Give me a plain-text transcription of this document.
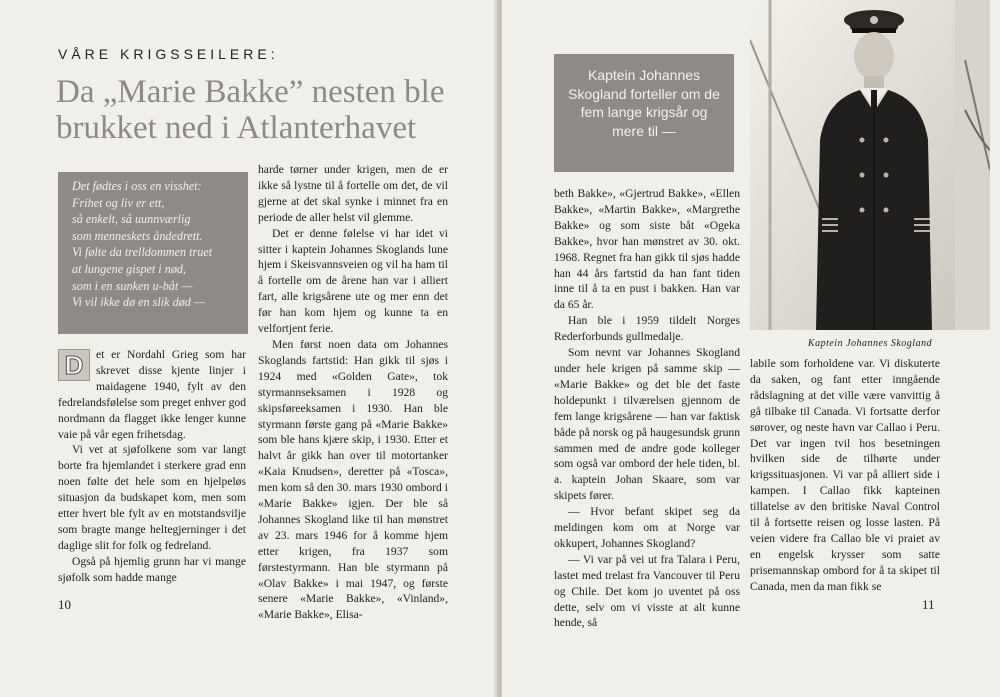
VÅRE KRIGSSEILERE:
Da „Marie Bakke” nesten ble brukket ned i Atlanterhavet
Det fødtes i oss en visshet:
Frihet og liv er ett,
så enkelt, så uunnværlig
som menneskets åndedrett.
Vi følte da trelldommen truet
at lungene gispet i nød,
som i en sunken u-båt —
Vi vil ikke dø en slik død —
D	et er Nordahl Grieg som har skrevet disse kjente linjer i maidagene 1940, fylt av den fedrelandsfølelse som preget enhver god nordmann da flagget ikke lenger kunne vaie på vår egen frihetsdag.

Vi vet at sjøfolkene som var langt borte fra hjemlandet i sterkere grad enn noen følte det hele som en hjelpeløs situasjon da budskapet kom, men som etter hvert ble fylt av en motstandsvilje som bragte mange heltegjerninger i det daglige slit for folk og fedreland.

Også på hjemlig grunn har vi mange sjøfolk som hadde mange

harde tørner under krigen, men de er ikke så lystne til å fortelle om det, de vil gjerne at det skal synke i minnet fra en periode de aller helst vil glemme.

Det er denne følelse vi har idet vi sitter i kaptein Johannes Skoglands lune hjem i Skeisvannsveien og vil ha ham til å fortelle om de årene han var i alliert fart, alle krigsårene ute og mer enn det før han kom hjem og kunne ta en velfortjent ferie.

Men først noen data om Johannes Skoglands fartstid: Han gikk til sjøs i 1924 med «Golden Gate», tok styrmannseksamen i 1928 og skipsføreeksamen i 1930. Han ble styrmann første gang på «Marie Bakke» som ble hans kjære skip, i 1930. Etter et halvt år gikk han over til motortanker «Kaia Knudsen», deretter på «Tosca», men kom så den 30. mars 1930 ombord i «Marie Bakke» igjen. Der ble så Johannes Skogland like til han mønstret av 23. mars 1946 for å komme hjem etter krigen, fra 1937 som førstestyrmann. Han ble styrmann på «Olav Bakke» i mai 1947, og første senere «Marie Bakke», «Vinland», «Marie Bakke», Elisa-

10
Kaptein Johannes Skogland forteller om de fem lange krigsår og mere til —
Kaptein Johannes Skogland

beth Bakke», «Gjertrud Bakke», «Ellen Bakke», «Martin Bakke», «Margrethe Bakke» og som siste båt «Ogeka Bakke», hvor han mønstret av 30. okt. 1968. Regnet fra han gikk til sjøs hadde han 44 års fartstid da han fant tiden inne til å ta en pust i bakken. Han var da 65 år.

Han ble i 1959 tildelt Norges Rederforbunds gullmedalje.

Som nevnt var Johannes Skogland under hele krigen på samme skip — «Marie Bakke» og det ble det faste holdepunkt i tilværelsen gjennom de fem lange krigsårene — han var faktisk både på norsk og på haugesundsk grunn sammen med de andre gode kolleger som også var ombord der hele tiden, bl. a. kaptein Johan Skaare, som var skipets fører.

— Hvor befant skipet seg da meldingen kom om at Norge var okkupert, Johannes Skogland?

— Vi var på vei ut fra Talara i Peru, lastet med trelast fra Vancouver til Peru og Chile. Det kom jo uventet på oss dette, selv om vi visste at alt kunne hende, så

labile som forholdene var. Vi diskuterte da saken, og fant etter inngående rådslagning at det ville være vanvittig å gå tilbake til Canada. Vi fortsatte derfor sørover, og neste havn var Callao i Peru. Det var ingen tvil hos besetningen hvilken side de tilhørte under krigssituasjonen. Vi var på alliert side i kampen. I Callao fikk kapteinen tillatelse av den britiske Naval Control til å fortsette reisen og losse lasten. På veien videre fra Callao ble vi praiet av en engelsk krysser som satte prisemannskap ombord for å ta skipet til Canada, men da man fikk se

11
